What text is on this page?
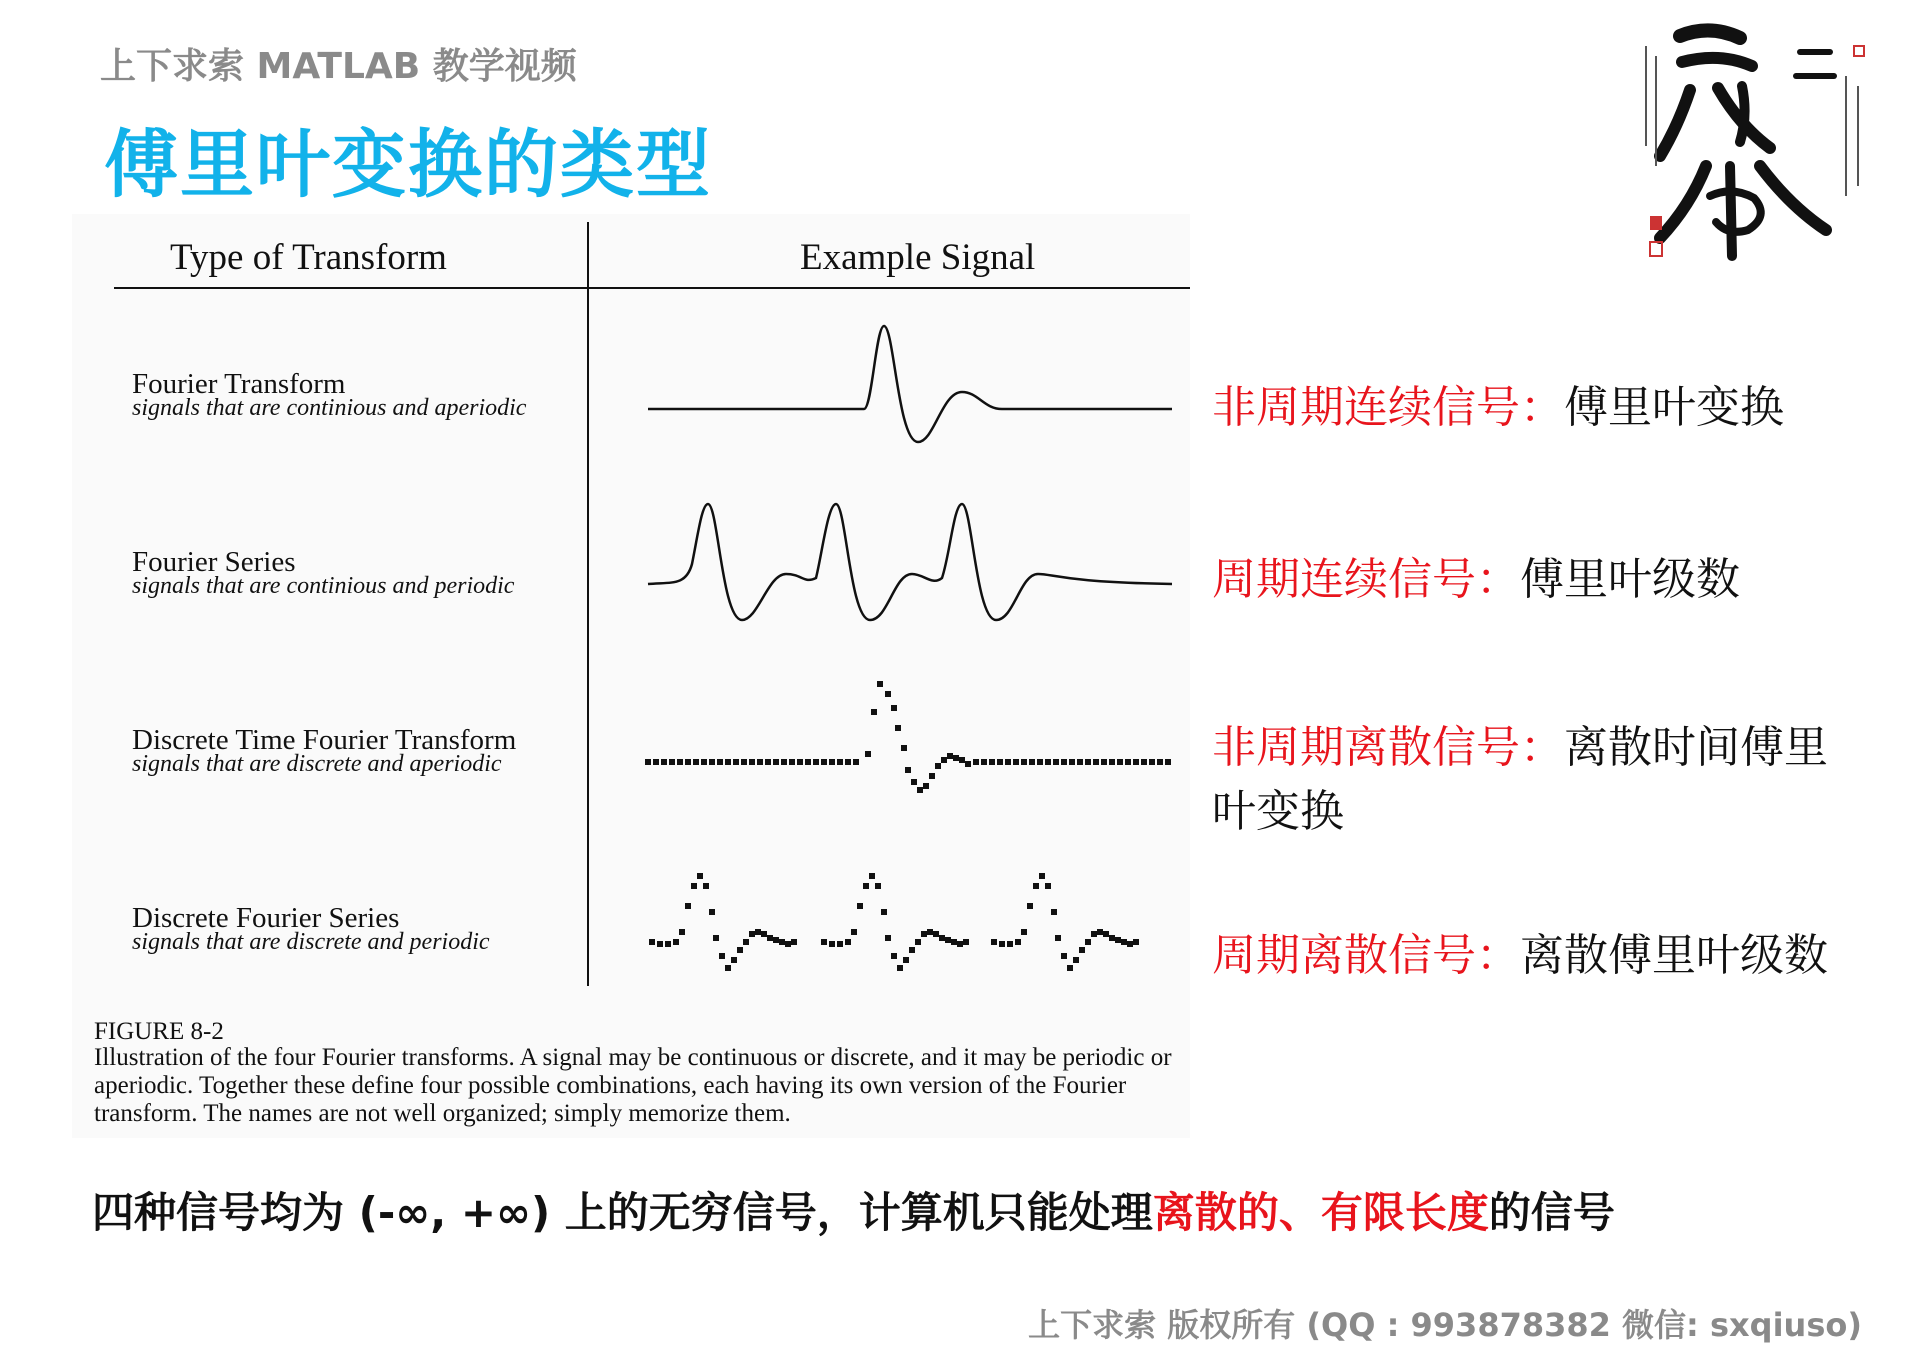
上下求索 MATLAB 教学视频
傅里叶变换的类型
Type of Transform	Example Signal
Fourier Transform
signals that are continious and aperiodic
Fourier Series
signals that are continious and periodic
Discrete Time Fourier Transform
signals that are discrete and aperiodic
Discrete Fourier Series
signals that are discrete and periodic
FIGURE 8-2
Illustration of the four Fourier transforms. A signal may be continuous or discrete, and it may be periodic or aperiodic. Together these define four possible combinations, each having its own version of the Fourier transform. The names are not well organized; simply memorize them.
非周期连续信号：傅里叶变换
周期连续信号：傅里叶级数
非周期离散信号：离散时间傅里叶变换
周期离散信号：离散傅里叶级数
四种信号均为 (-∞, +∞) 上的无穷信号，计算机只能处理离散的、有限长度的信号
上下求索 版权所有 (QQ : 993878382 微信: sxqiuso)
